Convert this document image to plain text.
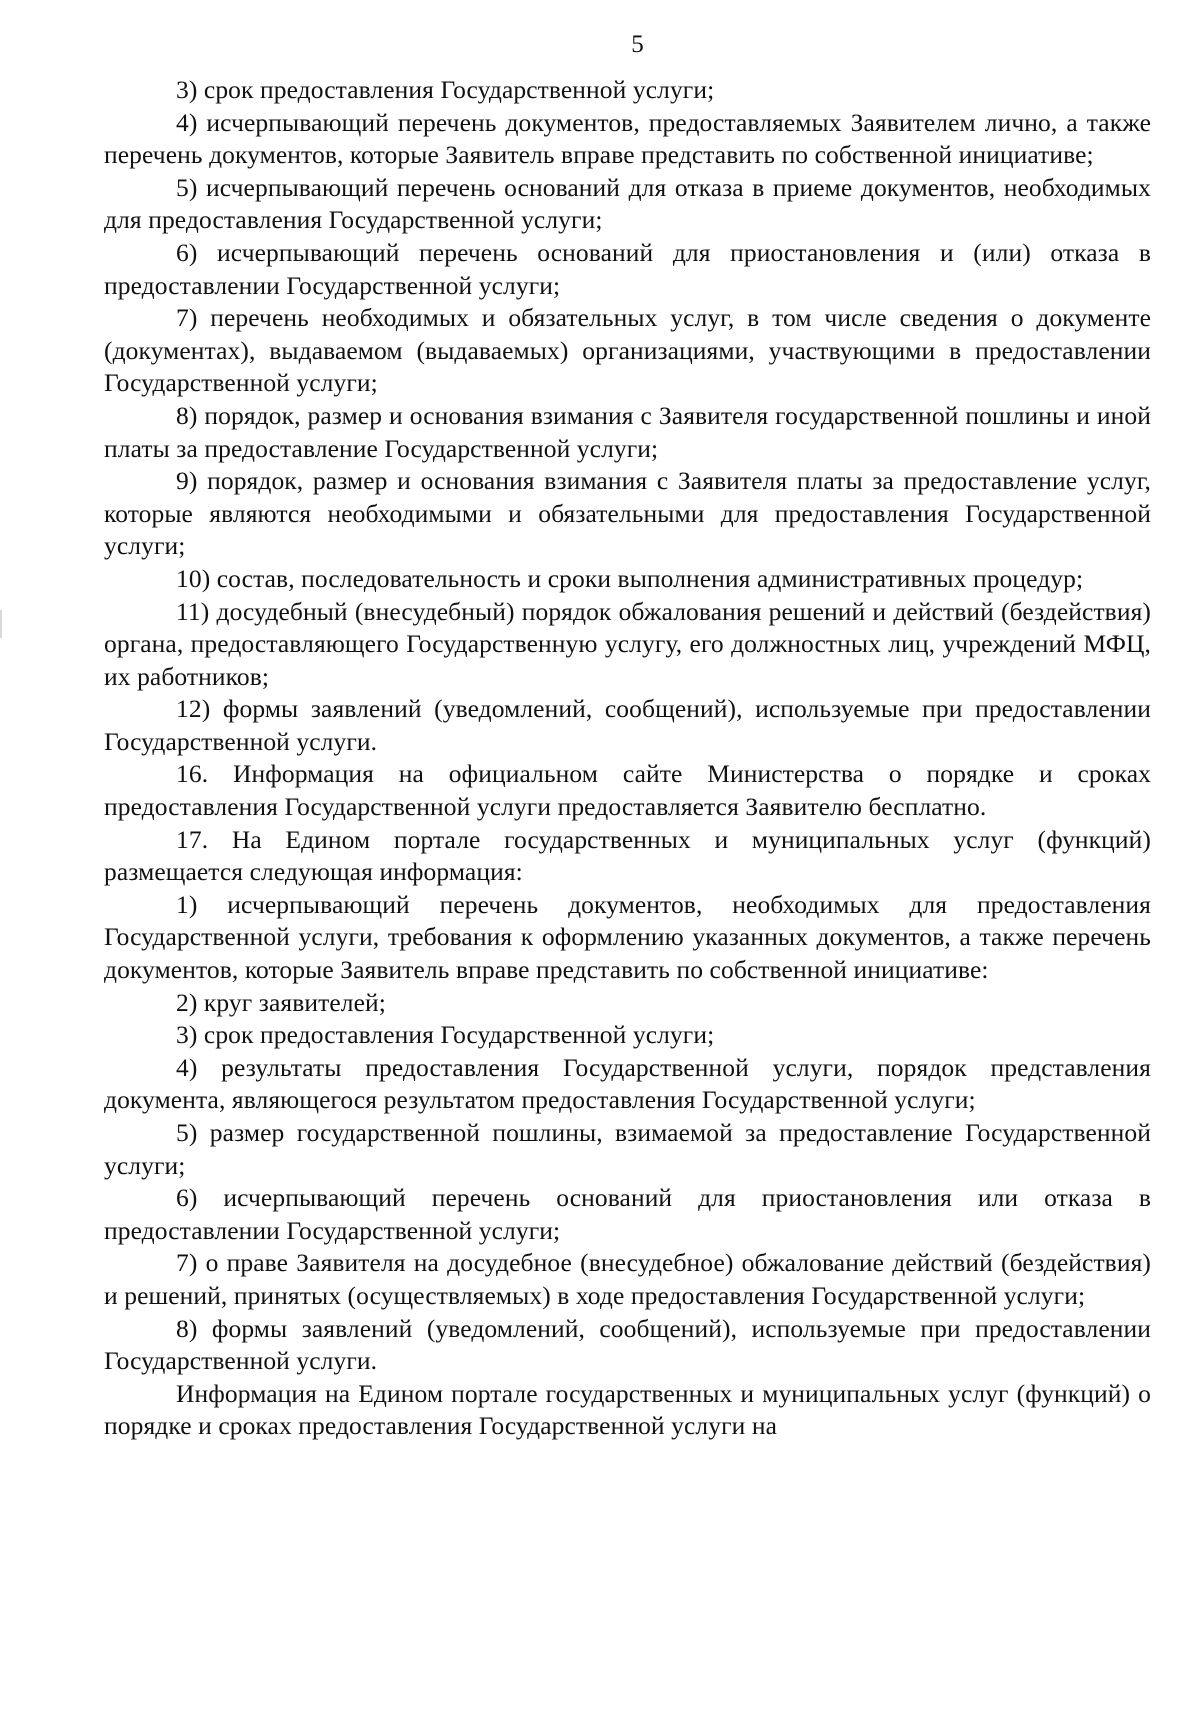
5

3) срок предоставления Государственной услуги;

4) исчерпывающий перечень документов, предоставляемых Заявителем лично, а также перечень документов, которые Заявитель вправе представить по собственной инициативе;

5) исчерпывающий перечень оснований для отказа в приеме документов, необходимых для предоставления Государственной услуги;

6) исчерпывающий перечень оснований для приостановления и (или) отказа в предоставлении Государственной услуги;

7) перечень необходимых и обязательных услуг, в том числе сведения о документе (документах), выдаваемом (выдаваемых) организациями, участвующими в предоставлении Государственной услуги;

8) порядок, размер и основания взимания с Заявителя государственной пошлины и иной платы за предоставление Государственной услуги;

9) порядок, размер и основания взимания с Заявителя платы за предоставление услуг, которые являются необходимыми и обязательными для предоставления Государственной услуги;

10) состав, последовательность и сроки выполнения административных процедур;

11) досудебный (внесудебный) порядок обжалования решений и действий (бездействия) органа, предоставляющего Государственную услугу, его должностных лиц, учреждений МФЦ, их работников;

12) формы заявлений (уведомлений, сообщений), используемые при предоставлении Государственной услуги.

16. Информация на официальном сайте Министерства о порядке и сроках предоставления Государственной услуги предоставляется Заявителю бесплатно.

17. На Едином портале государственных и муниципальных услуг (функций) размещается следующая информация:

1) исчерпывающий перечень документов, необходимых для предоставления Государственной услуги, требования к оформлению указанных документов, а также перечень документов, которые Заявитель вправе представить по собственной инициативе:

2) круг заявителей;

3) срок предоставления Государственной услуги;

4) результаты предоставления Государственной услуги, порядок представления документа, являющегося результатом предоставления Государственной услуги;

5) размер государственной пошлины, взимаемой за предоставление Государственной услуги;

6) исчерпывающий перечень оснований для приостановления или отказа в предоставлении Государственной услуги;

7) о праве Заявителя на досудебное (внесудебное) обжалование действий (бездействия) и решений, принятых (осуществляемых) в ходе предоставления Государственной услуги;

8) формы заявлений (уведомлений, сообщений), используемые при предоставлении Государственной услуги.

Информация на Едином портале государственных и муниципальных услуг (функций) о порядке и сроках предоставления Государственной услуги на
